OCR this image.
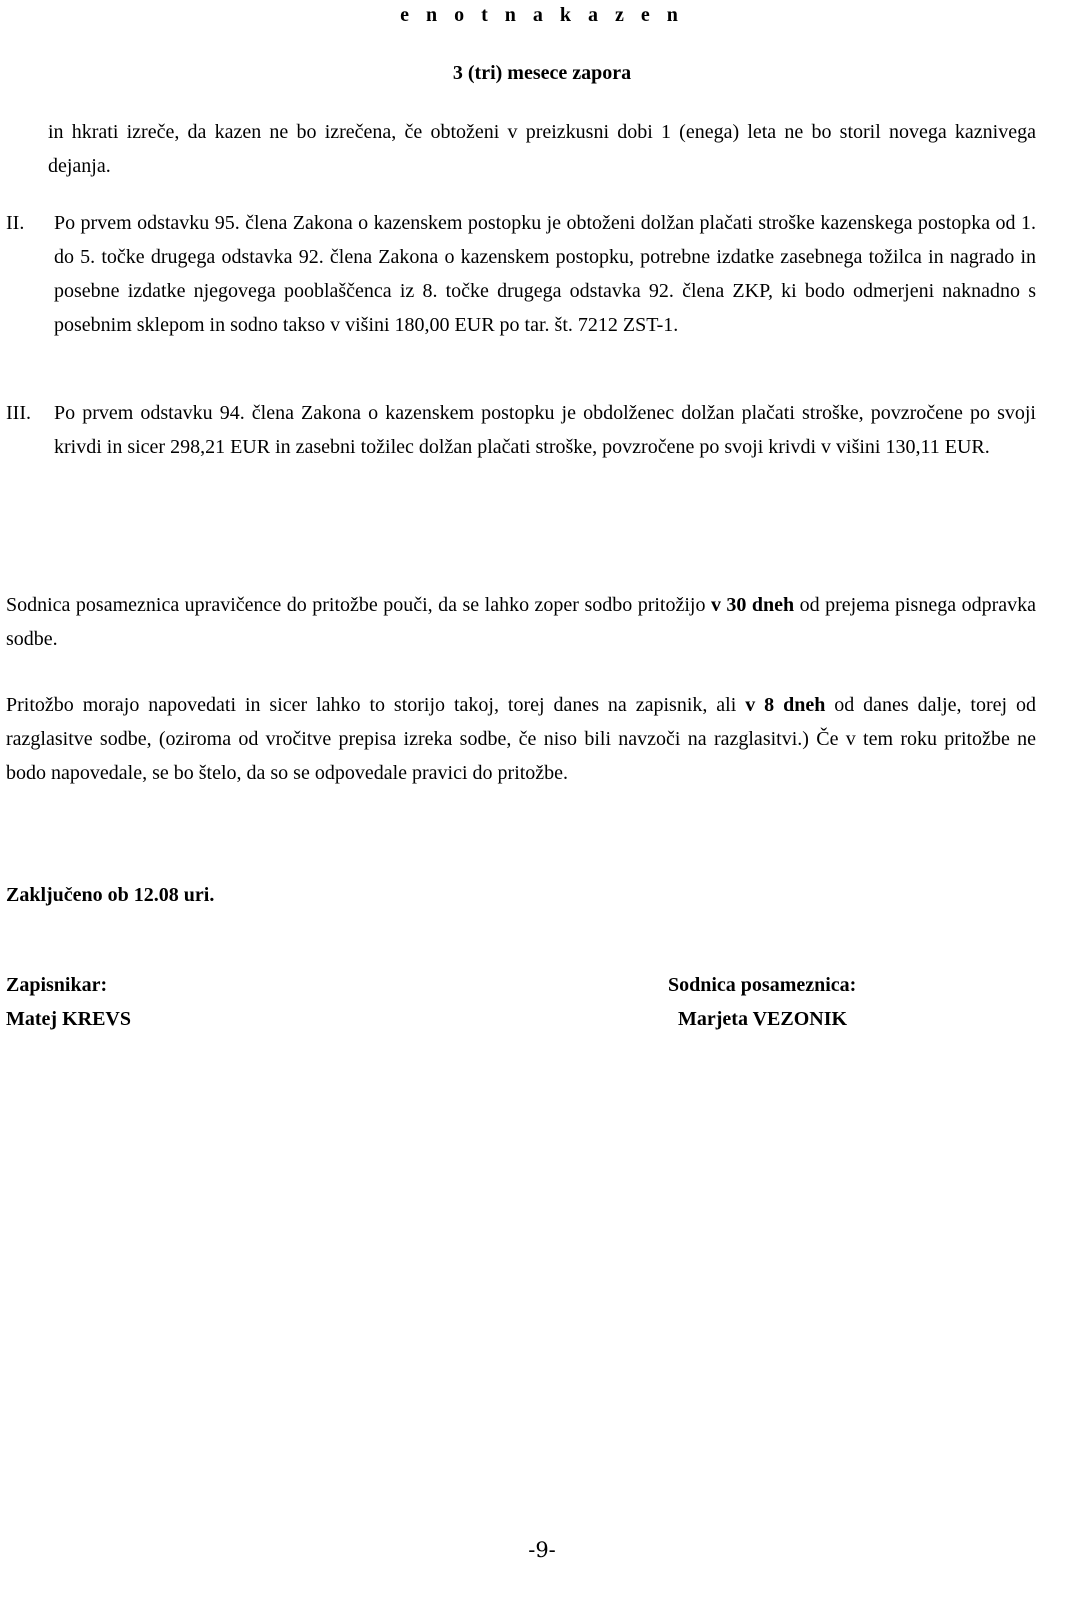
e n o t n a k a z e n
3 (tri) mesece zapora
in hkrati izreče, da kazen ne bo izrečena, če obtoženi v preizkusni dobi 1 (enega) leta ne bo storil novega kaznivega dejanja.
II.	Po prvem odstavku 95. člena Zakona o kazenskem postopku je obtoženi dolžan plačati stroške kazenskega postopka od 1. do 5. točke drugega odstavka 92. člena Zakona o kazenskem postopku, potrebne izdatke zasebnega tožilca in nagrado in posebne izdatke njegovega pooblaščenca iz 8. točke drugega odstavka 92. člena ZKP, ki bodo odmerjeni naknadno s posebnim sklepom in sodno takso v višini 180,00 EUR po tar. št. 7212 ZST-1.
III.	Po prvem odstavku 94. člena Zakona o kazenskem postopku je obdolženec dolžan plačati stroške, povzročene po svoji krivdi in sicer 298,21 EUR in zasebni tožilec dolžan plačati stroške, povzročene po svoji krivdi v višini 130,11 EUR.
Sodnica posameznica upravičence do pritožbe pouči, da se lahko zoper sodbo pritožijo v 30 dneh od prejema pisnega odpravka sodbe.
Pritožbo morajo napovedati in sicer lahko to storijo takoj, torej danes na zapisnik, ali v 8 dneh od danes dalje, torej od razglasitve sodbe, (oziroma od vročitve prepisa izreka sodbe, če niso bili navzoči na razglasitvi.) Če v tem roku pritožbe ne bodo napovedale, se bo štelo, da so se odpovedale pravici do pritožbe.
Zaključeno ob 12.08 uri.
Zapisnikar:
Matej KREVS
Sodnica posameznica:
Marjeta VEZONIK
-9-
